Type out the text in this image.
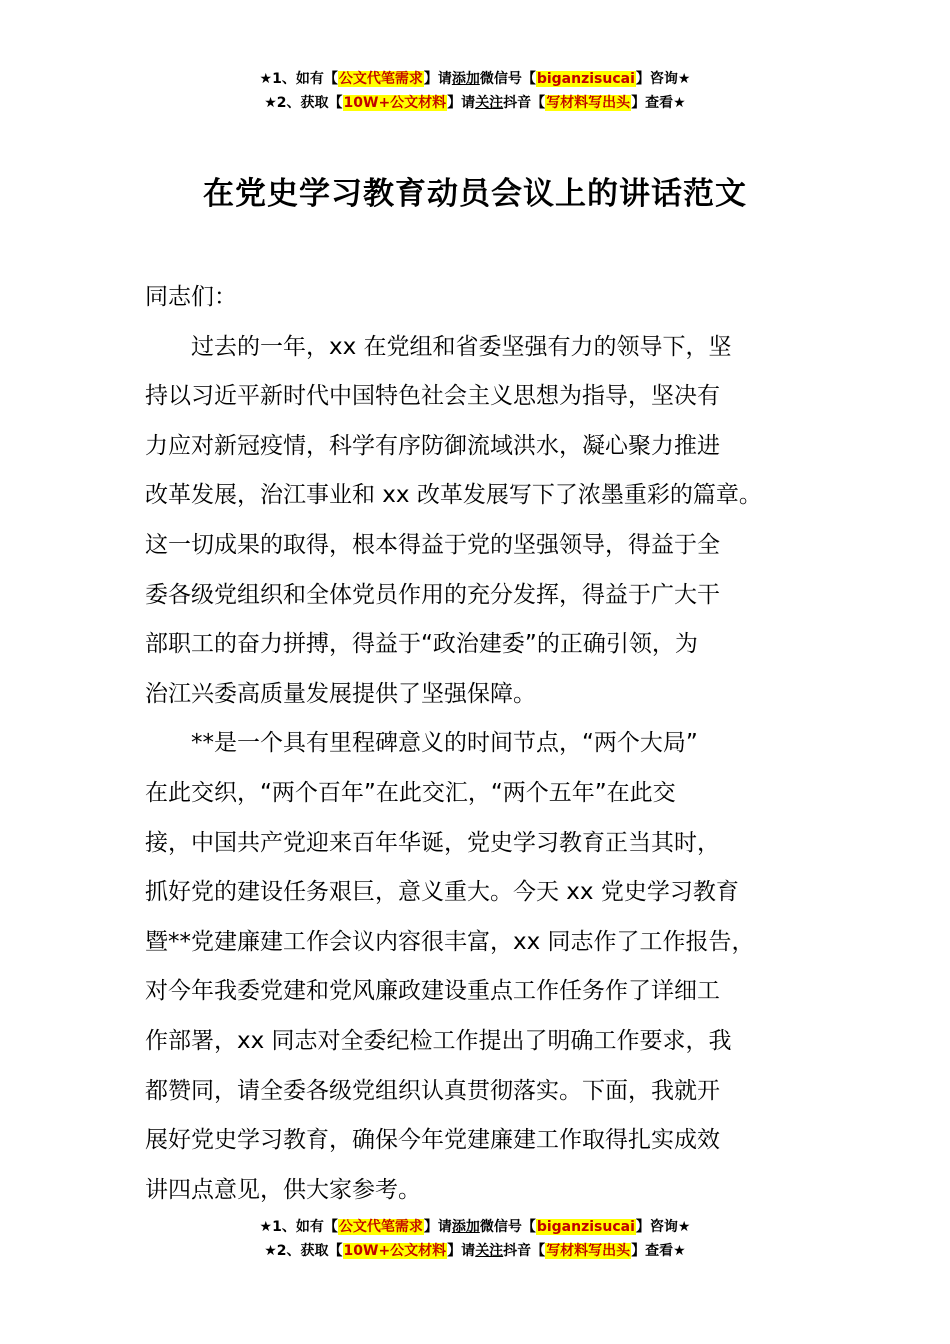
★1、如有【公文代笔需求】请添加微信号【biganzisucai】咨询★
★2、获取【10W+公文材料】请关注抖音【写材料写出头】查看★
在党史学习教育动员会议上的讲话范文

同志们：

过去的一年，xx 在党组和省委坚强有力的领导下，坚
持以习近平新时代中国特色社会主义思想为指导，坚决有
力应对新冠疫情，科学有序防御流域洪水，凝心聚力推进
改革发展，治江事业和 xx 改革发展写下了浓墨重彩的篇章。
这一切成果的取得，根本得益于党的坚强领导，得益于全
委各级党组织和全体党员作用的充分发挥，得益于广大干
部职工的奋力拼搏，得益于“政治建委”的正确引领，为
治江兴委高质量发展提供了坚强保障。

**是一个具有里程碑意义的时间节点，“两个大局”
在此交织，“两个百年”在此交汇，“两个五年”在此交
接，中国共产党迎来百年华诞，党史学习教育正当其时，
抓好党的建设任务艰巨，意义重大。今天 xx 党史学习教育
暨**党建廉建工作会议内容很丰富，xx 同志作了工作报告，
对今年我委党建和党风廉政建设重点工作任务作了详细工
作部署，xx 同志对全委纪检工作提出了明确工作要求，我
都赞同，请全委各级党组织认真贯彻落实。下面，我就开
展好党史学习教育，确保今年党建廉建工作取得扎实成效
讲四点意见，供大家参考。

★1、如有【公文代笔需求】请添加微信号【biganzisucai】咨询★
★2、获取【10W+公文材料】请关注抖音【写材料写出头】查看★
